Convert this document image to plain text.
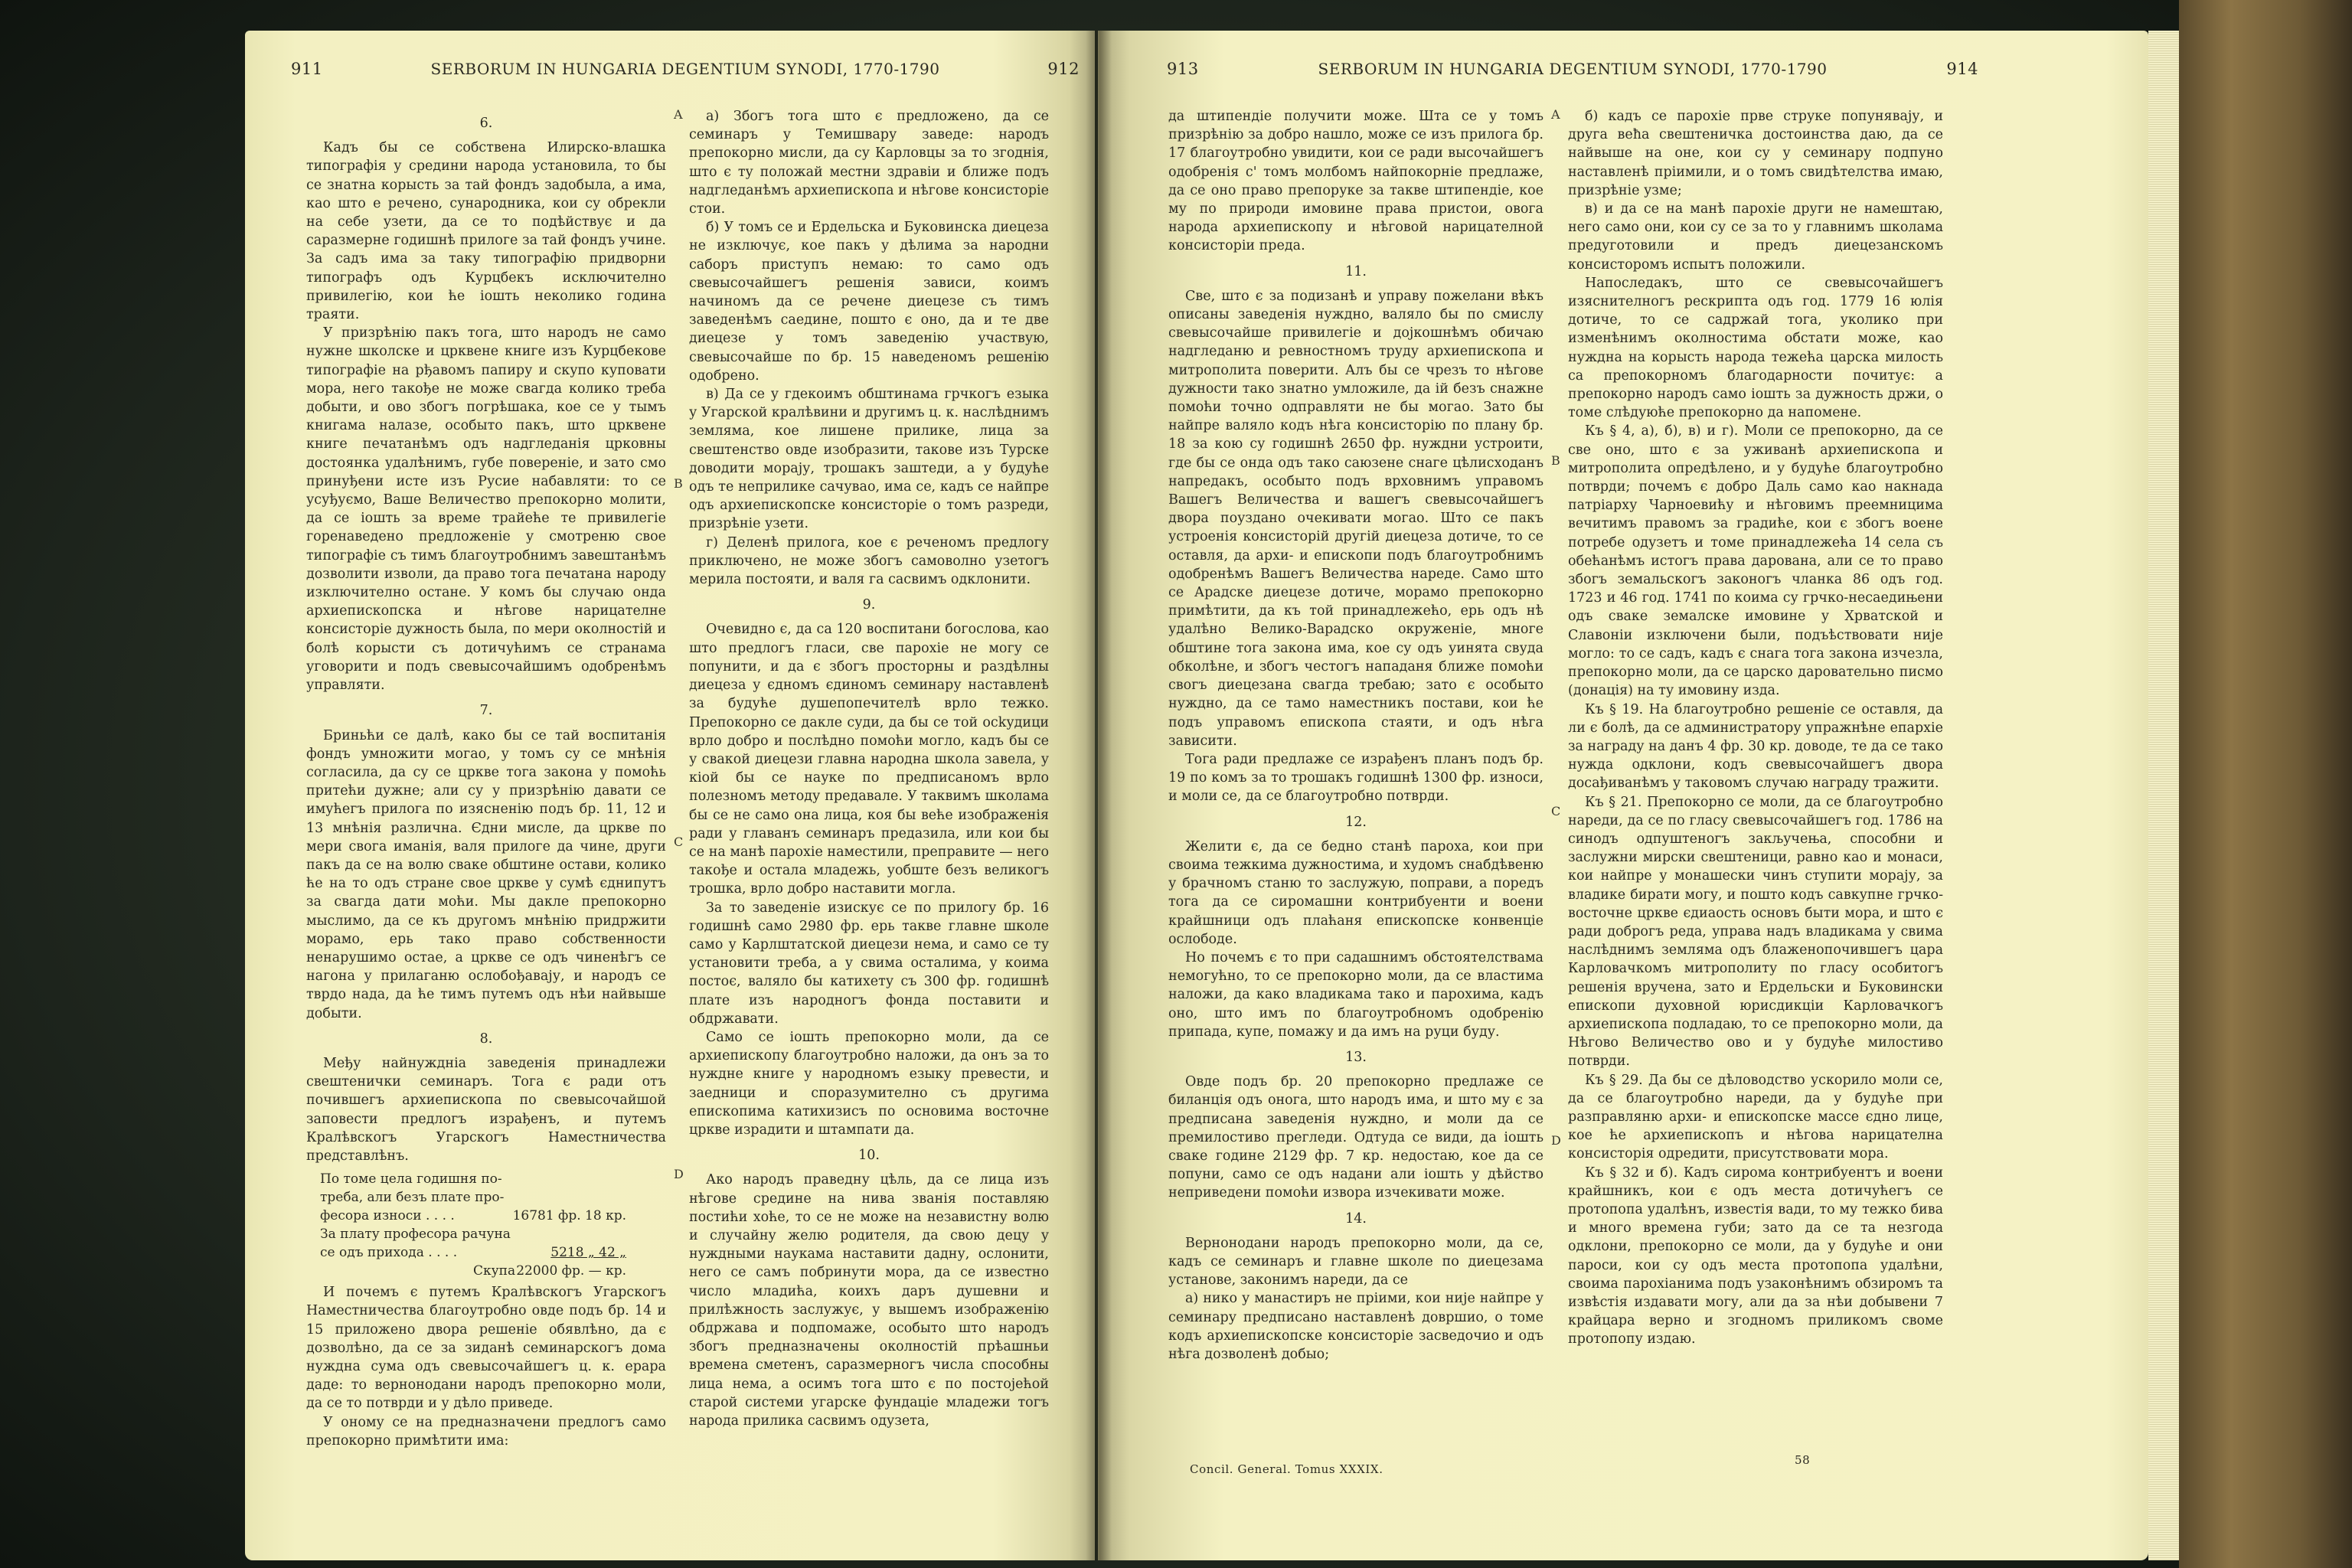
911	SERBORUM IN HUNGARIA DEGENTIUM SYNODI, 1770-1790	912

6.

Кадъ бы се собствена Илирско-влашка типографія у средини народа установила, то бы се знатна корысть за тай фондъ задобыла, а има, као што е речено, сународника, кои су обрекли на себе узети, да се то подѣйствує и да саразмерне годишнѣ прилоге за тай фондъ учине. За садъ има за таку типографію придворни типографъ одъ Курцбекъ исключително привилегію, кои ће іошть неколико година траяти.

У призрѣнію пакъ тога, што народъ не само нужне школске и црквене книге изъ Курцбекове типографіе на рђавомъ папиру и скупо куповати мора, него такође не може свагда колико треба добыти, и ово збогъ погрѣшака, кое се у тымъ книгама налазе, особыто пакъ, што црквене книге печатанѣмъ одъ надгледанія црковны достоянка удалѣнимъ, губе повереніе, и зато смо принуђени исте изъ Русие набавляти: то се усуђуємо, Ваше Величество препокорно молити, да се іошть за време трайеће те привилегіе горенаведено предложеніе у смотреню свое типографіе съ тимъ благоутробнимъ завештанѣмъ дозволити изволи, да право тога печатана народу изключително остане. У комъ бы случаю онда архиепископска и нѣгове нарицателне консисторіе дужность была, по мери околностій и болѣ корысти съ дотичућимъ се странама уговорити и подъ свевысочайшимъ одобренѣмъ управляти.

7.

Бриньћи се далѣ, како бы се тай воспитанія фондъ умножити могао, у томъ су се мнѣнія согласила, да су се цркве тога закона у помоћь притећи дужне; али су у призрѣнію давати се имућегъ прилога по изясненію подъ бр. 11, 12 и 13 мнѣнія различна. Єдни мисле, да цркве по мери свога иманія, валя прилоге да чине, други пакъ да се на волю сваке обштине остави, колико ће на то одъ стране свое цркве у сумѣ єднипутъ за свагда дати моћи. Мы дакле препокорно мыслимо, да се къ другомъ мнѣнію придржити морамо, ерь тако право собственности ненарушимо остае, а цркве се одъ чиненѣгъ се нагона у прилаганю ослобођавају, и народъ се тврдо нада, да ће тимъ путемъ одъ нѣи найвыше добыти.

8.

Међу найнуждніа заведенія принадлежи свештенички семинаръ. Тога є ради отъ почившегъ архиепископа по свевысочайшой заповести предлогъ израђенъ, и путемъ Кралѣвскогъ Угарскогъ Наместничества представлѣнъ.

По томе цела годишня по-
треба, али безъ плате про-
фесора износи . . . .	16781 фр. 18 кр.
За плату професора рачуна
се одъ прихода . . . .	5218 „ 42 „
Скупа 22000 фр. — кр.

И почемъ є путемъ Кралѣвскогъ Угарскогъ Наместничества благоутробно овде подъ бр. 14 и 15 приложено двора решеніе обявлѣно, да є дозволѣно, да се за зиданѣ семинарскогъ дома нуждна сума одъ свевысочайшегъ ц. к. ерара даде: то вернонодани народъ препокорно моли, да се то потврди и у дѣло приведе.

У оному се на предназначени предлогъ само препокорно примѣтити има:

а) Збогъ тога што є предложено, да се семинаръ у Темишвару заведе: народъ препокорно мисли, да су Карловцы за то згоднія, што є ту положай местни здравіи и ближе подъ надгледанѣмъ архиепископа и нѣгове консисторіе стои.

б) У томъ се и Ердельска и Буковинска диецеза не изключує, кое пакъ у дѣлима за народни саборъ приступъ немаю: то само одъ свевысочайшегъ решенія зависи, коимъ начиномъ да се речене диецезе съ тимъ заведенѣмъ саедине, пошто є оно, да и те две диецезе у томъ заведенію участвую, свевысочайше по бр. 15 наведеномъ решенію одобрено.

в) Да се у гдекоимъ обштинама грчкогъ езыка у Угарской кралѣвини и другимъ ц. к. наслѣднимъ землямa, кое лишене прилике, лица за свештенство овде изобразити, такове изъ Турске доводити морају, трошакъ заштеди, а у будуће одъ те неприлике сачувао, има се, кадъ се найпре одъ архиепископске консисторіе о томъ разреди, призрѣніе узети.

г) Деленѣ прилога, кое є реченомъ предлогу приключено, не може збогъ самоволно узетогъ мерила постояти, и валя га сасвимъ одклонити.

9.

Очевидно є, да са 120 воспитани богослова, као што предлогъ гласи, све парохіе не могу се попунити, и да є збогъ просторны и раздѣлны диецеза у єдномъ єдиномъ семинару наставленѣ за будуће душепопечителѣ врло тежко. Препокорно се дакле суди, да бы се той осkудици врло добро и послѣдно помоћи могло, кадъ бы се у свакой диецези главна народна школа завела, у кіой бы се науке по предписаномъ врло полезномъ методу предавале. У таквимъ школама бы се не само она лица, коя бы веће изображенія ради у главанъ семинаръ предазила, или кои бы се на манѣ парохіе наместили, преправите — него такође и остала младежь, уобште безъ великогъ трошка, врло добро наставити могла.

За то заведеніе изискує се по прилогу бр. 16 годишнѣ само 2980 фр. ерь такве главне школе само у Карлштатской диецези нема, и само се ту установити треба, а у свима осталима, у коима постоє, валяло бы катихету съ 300 фр. годишнѣ плате изъ народногъ фонда поставити и обдржавати.

Само се іошть препокорно моли, да се архиепископу благоутробно наложи, да онъ за то нуждне книге у народномъ езыку превести, и заедници и споразумително съ другима епископима катихизисъ по основима восточне цркве израдити и штампати да.

10.

Ако народъ праведну цѣль, да се лица изъ нѣгове средине на нива званія поставляю постићи хоће, то се не може на независтну волю и случайну желю родителя, да свою децу у нуждными наукама наставити дадну, ослонити, него се самъ побринути мора, да се известно число младића, коихъ даръ душевни и прилѣжность заслужує, у вышемъ изображенію обдржава и подпомаже, особыто што народъ збогъ предназначены околностій прѣашньи времена сметенъ, саразмерногъ числа способны лица нема, а осимъ тога што є по постојећой старой системи угарске фундаціе младежи тогъ народа прилика сасвимъ одузета,

A
B
C
D
913	SERBORUM IN HUNGARIA DEGENTIUM SYNODI, 1770-1790	914

да штипендіе получити може. Шта се у томъ призрѣнію за добро нашло, може се изъ прилога бр. 17 благоутробно увидити, кои се ради высочайшегъ одобренія с' томъ молбомъ найпокорніе предлаже, да се оно право препоруке за такве штипендіе, кое му по природи имовине права пристои, овога народа архиепископу и нѣговой нарицателной консисторіи преда.

11.

Све, што є за подизанѣ и управу пожелани вѣкъ описаны заведенія нуждно, валяло бы по смислу свевысочайше привилегіе и дојкошнѣмъ обичаю надгледаню и ревностномъ труду архиепископа и митрополита поверити. Алъ бы се чрезъ то нѣгове дужности тако знатно умложиле, да ій безъ снажне помоћи точно одправляти не бы могао. Зато бы найпре валяло кодъ нѣга консисторію по плану бр. 18 за кою су годишнѣ 2650 фр. нуждни устроити, где бы се онда одъ тако саюзене снаге цѣлисходанъ напредакъ, особыто подъ врховнимъ управомъ Вашегъ Величества и вашегъ свевысочайшегъ двора поуздано очекивати могао. Што се пакъ устроенія консисторій другій диецеза дотиче, то се оставля, да архи- и епископи подъ благоутробнимъ одобренѣмъ Вашегъ Величества нареде. Само што се Арадске диецезе дотиче, морамо препокорно примѣтити, да къ той принадлежећо, ерь одъ нѣ удалѣно Велико-Варадско окруженіе, многе обштине тога закона има, кое су одъ уинята свуда обколѣне, и збогъ честогъ нападаня ближе помоћи свогъ диецезана свагда требаю; зато є особыто нуждно, да се тамо наместникъ постави, кои ће подъ управомъ епископа стаяти, и одъ нѣга зависити.

Тога ради предлаже се израђенъ планъ подъ бр. 19 по комъ за то трошакъ годишнѣ 1300 фр. износи, и моли се, да се благоутробно потврди.

12.

Желити є, да се бедно станѣ пароха, кои при своима тежкима дужностима, и худомъ снабдѣвеню у брачномъ станю то заслужую, поправи, а поредъ тога да се сиромашни контрибуенти и воени крайшници одъ плаћаня епископске конвенціе ослободе.

Но почемъ є то при садашнимъ обстоятелствама немогућно, то се препокорно моли, да се властима наложи, да како владикама тако и парохима, кадъ оно, што имъ по благоутробномъ одобренію припада, купе, помажу и да имъ на руци буду.

13.

Овде подъ бр. 20 препокорно предлаже се биланція одъ онога, што народъ има, и што му є за предписана заведенія нуждно, и моли да се премилостиво прегледи. Одтуда се види, да іошть сваке године 2129 фр. 7 кр. недостаю, кое да се попуни, само се одъ надани али іошть у дѣйство неприведени помоћи извора изчекивати може.

14.

Вернонодани народъ препокорно моли, да се, кадъ се семинаръ и главне школе по диецезама установе, законимъ нареди, да се

а) нико у манастиръ не пріими, кои није найпре у семинару предписано наставленѣ довршио, о томе кодъ архиепископске консисторіе засведочио и одъ нѣга дозволенѣ добыо;

б) кадъ се парохіе прве струке попунявају, и друга веħа свештеничка достоинства даю, да се найвыше на оне, кои су у семинару подпуно наставленѣ пріимили, и о томъ свидѣтелства имаю, призрѣніе узме;

в) и да се на манѣ парохіе други не намештаю, него само они, кои су се за то у главнимъ школама предуготовили и предъ диецезанскомъ консисторомъ испытъ положили.

Напоследакъ, што се свевысочайшегъ изяснителногъ рескрипта одъ год. 1779 16 юлія дотиче, то се садржай тога, уколико при изменѣнимъ околностима обстати може, као нуждна на корысть народа тежећа царска милость са препокорномъ благодарности почитує: а препокорно народъ само іошть за дужность држи, о томе слѣдуюће препокорно да напомене.

Къ § 4, а), б), в) и г). Моли се препокорно, да се све оно, што є за уживанѣ архиепископа и митрополита опредѣлено, и у будуће благоутробно потврди; почемъ є добро Даль само као накнада патріарху Чарноевићу и нѣговимъ преемницима вечитимъ правомъ за градиће, кои є збогъ воене потребе одузетъ и томе принадлежећа 14 села съ обећанѣмъ истогъ права дарована, али се то право збогъ земальскогъ законогъ чланка 86 одъ год. 1723 и 46 год. 1741 по коима су грчко-несаедињени одъ сваке земалске имовине у Хрватской и Славоніи изключени были, подъѣствовати није могло: то се садъ, кадъ є снага тога закона изчезла, препокорно моли, да се царско даровательно писмо (донація) на ту имовину издa.

Къ § 19. На благоутробно решеніе се оставля, да ли є болѣ, да се администратору упражнѣне епархіе за награду на данъ 4 фр. 30 кр. доводе, те да се тако нужда одклони, кодъ свевысочайшегъ двора досађиванѣмъ у таковомъ случаю награду тражити.

Къ § 21. Препокорно се моли, да се благоутробно нареди, да се по гласу свевысочайшегъ год. 1786 на синодъ одпуштеногъ закључења, способни и заслужни мирски свештеници, равно као и монаси, кои найпре у монашески чинъ ступити морају, за владике бирати могу, и пошто кодъ савкупне грчко-восточне цркве єдиаость основъ быти мора, и што є ради доброгъ реда, управа надъ владикама у свима наслѣднимъ землямa одъ блаженопочившегъ цара Карловачкомъ митрополиту по гласу особитогъ решенія вручена, зато и Ердельски и Буковински епископи духовной юрисдикціи Карловачкогъ архиепископа подладаю, то се препокорно моли, да Нѣгово Величество ово и у будуће милостиво потврди.

Къ § 29. Да бы се дѣловодство ускорило моли се, да се благоутробно нареди, да у будуће при разправляню архи- и епископске массе єдно лице, кое ће архиепископъ и нѣгова нарицателна консисторія одредити, присутствовати мора.

Къ § 32 и б). Кадъ сиромa контрибуентъ и воени крайшникъ, кои є одъ места дотичућегъ се протопопа удалѣнъ, известія вади, то му тежко бива и много времена губи; зато да се та незгода одклони, препокорно се моли, да у будуће и они пароси, кои су одъ места протопопа удалѣни, своима парохіанима подъ узаконѣнимъ обзиромъ та извѣстія издавати могу, али да за нѣи добывени 7 крайцара верно и згодномъ приликомъ своме протопопу издаю.

A
B
C
D
Concil. General. Tomus XXXIX.
58
